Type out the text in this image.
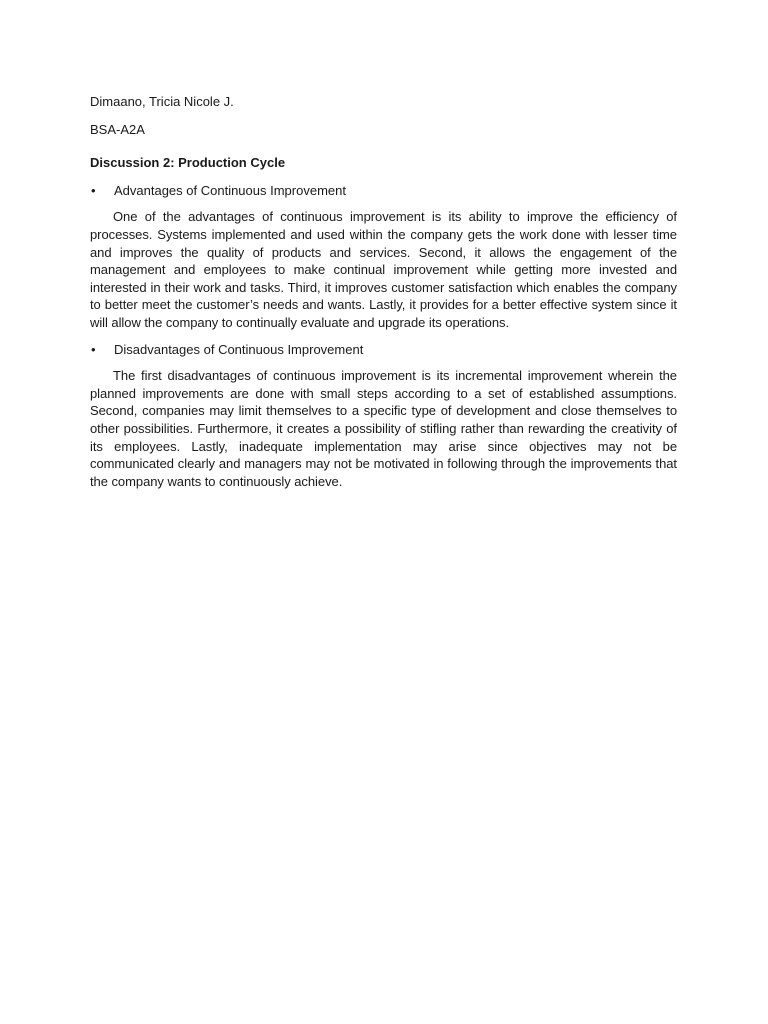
Dimaano, Tricia Nicole J.

BSA-A2A

Discussion 2: Production Cycle

•	Advantages of Continuous Improvement

One of the advantages of continuous improvement is its ability to improve the efficiency of processes. Systems implemented and used within the company gets the work done with lesser time and improves the quality of products and services. Second, it allows the engagement of the management and employees to make continual improvement while getting more invested and interested in their work and tasks. Third, it improves customer satisfaction which enables the company to better meet the customer’s needs and wants. Lastly, it provides for a better effective system since it will allow the company to continually evaluate and upgrade its operations.

•	Disadvantages of Continuous Improvement

The first disadvantages of continuous improvement is its incremental improvement wherein the planned improvements are done with small steps according to a set of established assumptions. Second, companies may limit themselves to a specific type of development and close themselves to other possibilities. Furthermore, it creates a possibility of stifling rather than rewarding the creativity of its employees. Lastly, inadequate implementation may arise since objectives may not be communicated clearly and managers may not be motivated in following through the improvements that the company wants to continuously achieve.
